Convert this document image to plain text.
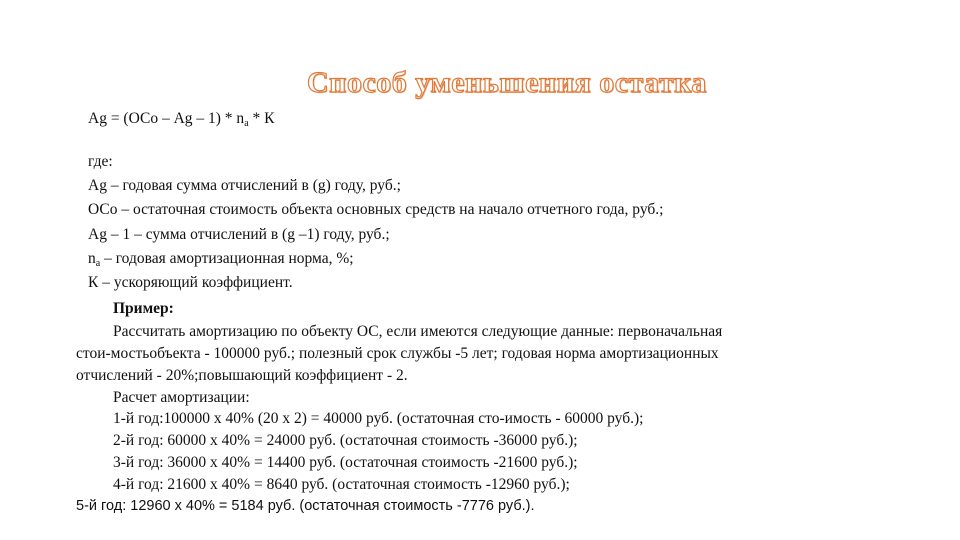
Способ уменьшения остатка
$Ag = (ОСо - Ag - 1) * n_a * К$
где:
Ag – годовая сумма отчислений в (g) году, руб.;
ОСо – остаточная стоимость объекта основных средств на начало отчетного года, руб.;
Ag – 1 – сумма отчислений в (g –1) году, руб.;
$n_а$ – годовая амортизационная норма, %;
К – ускоряющий коэффициент.
Пример:
Рассчитать амортизацию по объекту ОС, если имеются следующие данные: первоначальная
стои-мостьобъекта - 100000 руб.; полезный срок службы -5 лет; годовая норма амортизационных
отчислений - 20%;повышающий коэффициент - 2.
Расчет амортизации:
1-й год:100000 х 40% (20 х 2) = 40000 руб. (остаточная сто-имость - 60000 руб.);
2-й год: 60000 х 40% = 24000 руб. (остаточная стоимость -36000 руб.);
3-й год: 36000 х 40% = 14400 руб. (остаточная стоимость -21600 руб.);
4-й год: 21600 х 40% = 8640 руб. (остаточная стоимость -12960 руб.);
5-й год: 12960 х 40% = 5184 руб. (остаточная стоимость -7776 руб.).
